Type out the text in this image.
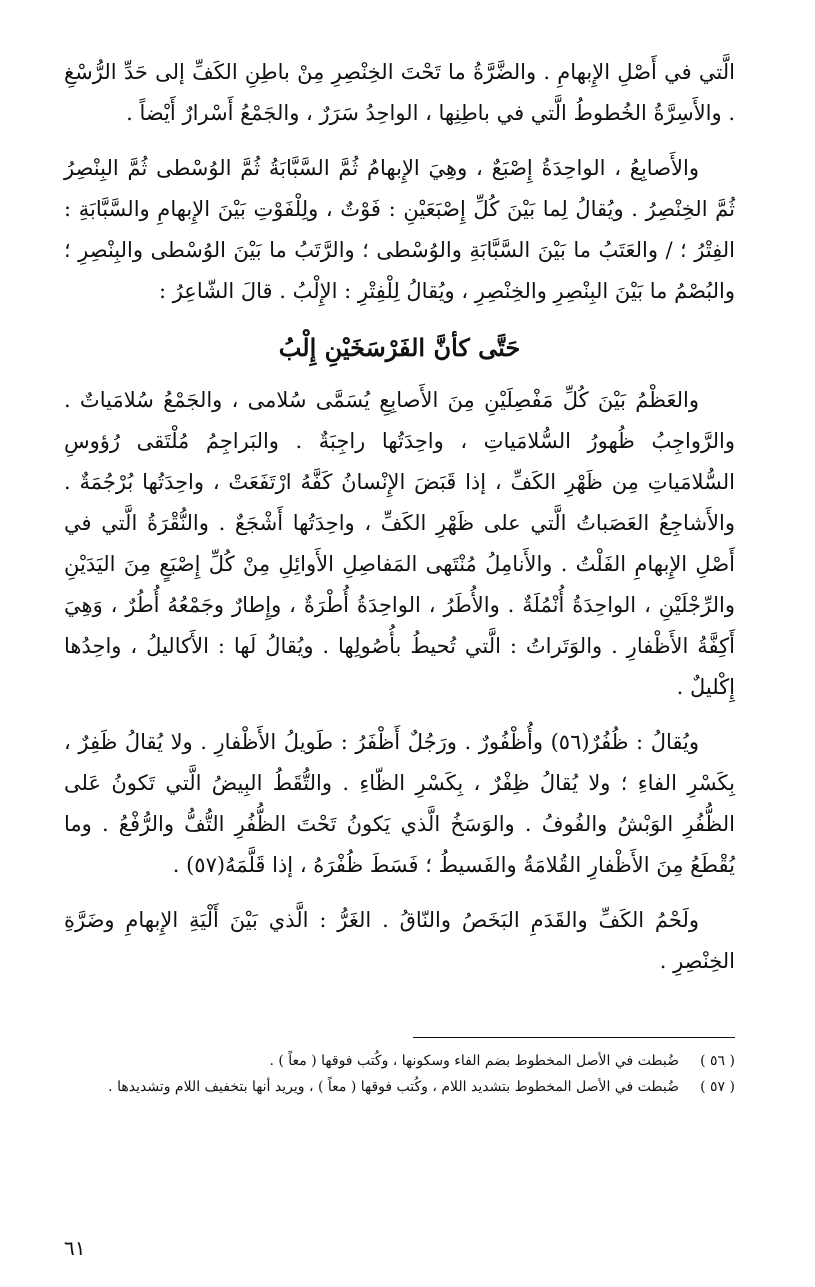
الَّتي في أَصْلِ الإِبهامِ . والضَّرَّةُ ما تَحْتَ الخِنْصِرِ مِنْ باطِنِ الكَفِّ إلى حَدِّ الرُّسْغِ . والأَسِرَّةُ الخُطوطُ الَّتي في باطِنِها ، الواحِدُ سَرَرٌ ، والجَمْعُ أَسْرارٌ أَيْضاً .

والأَصابِعُ ، الواحِدَةُ إِصْبَعٌ ، وهِيَ الإِبهامُ ثُمَّ السَّبَّابَةُ ثُمَّ الوُسْطى ثُمَّ البِنْصِرُ ثُمَّ الخِنْصِرُ . ويُقالُ لِما بَيْنَ كُلِّ إِصْبَعَيْنِ : فَوْتٌ ، ولِلْفَوْتِ بَيْنَ الإِبهامِ والسَّبَّابَةِ : الفِتْرُ ؛ / والعَتَبُ ما بَيْنَ السَّبَّابَةِ والوُسْطى ؛ والرَّتَبُ ما بَيْنَ الوُسْطى والبِنْصِرِ ؛ والبُصْمُ ما بَيْنَ البِنْصِرِ والخِنْصِرِ ، ويُقالُ لِلْفِتْرِ : الإِلْبُ . قالَ الشّاعِرُ :

حَتَّى كأنَّ الفَرْسَخَيْنِ إِلْبُ

والعَظْمُ بَيْنَ كُلِّ مَفْصِلَيْنِ مِنَ الأَصابِعِ يُسَمَّى سُلامى ، والجَمْعُ سُلامَياتٌ . والرَّواجِبُ ظُهورُ السُّلامَياتِ ، واحِدَتُها راجِبَةٌ . والبَراجِمُ مُلْتَقى رُؤوسِ السُّلامَياتِ مِن ظَهْرِ الكَفِّ ، إذا قَبَضَ الإِنْسانُ كَفَّهُ ارْتَفَعَتْ ، واحِدَتُها بُرْجُمَةٌ . والأَشاجِعُ العَصَباتُ الَّتي على ظَهْرِ الكَفِّ ، واحِدَتُها أَشْجَعٌ . والنُّقْرَةُ الَّتي في أَصْلِ الإِبهامِ الفَلْتُ . والأَنامِلُ مُنْتَهى المَفاصِلِ الأَوائِلِ مِنْ كُلِّ إِصْبَعٍ مِنَ اليَدَيْنِ والرِّجْلَيْنِ ، الواحِدَةُ أُنْمُلَةٌ . والأُطَرُ ، الواحِدَةُ أُطْرَةٌ ، وإِطارٌ وجَمْعُهُ أُطُرٌ ، وَهِيَ أَكِفَّةُ الأَظْفارِ . والوَتَراتُ : الَّتي تُحيطُ بأُصُولِها . ويُقالُ لَها : الأَكاليلُ ، واحِدُها إِكْليلٌ .

ويُقالُ : ظُفُرٌ(٥٦) وأُظْفُورٌ . ورَجُلٌ أَظْفَرُ : طَويلُ الأَظْفارِ . ولا يُقالُ ظَفِرٌ ، بِكَسْرِ الفاءِ ؛ ولا يُقالُ ظِفْرٌ ، بِكَسْرِ الظّاءِ . والتُّقَطُ البِيضُ الَّتي تَكونُ عَلى الظُّفُرِ الوَبْشُ والفُوفُ . والوَسَخُ الَّذي يَكونُ تَحْتَ الظُّفُرِ التُّفُّ والرُّفْعُ . وما يُقْطَعُ مِنَ الأَظْفارِ القُلامَةُ والفَسيطُ ؛ فَسَطَ ظُفْرَهُ ، إذا قَلَّمَهُ(٥٧) .

ولَحْمُ الكَفِّ والقَدَمِ البَخَصُ والنّاقُ . الغَرُّ : الَّذي بَيْنَ أَلْيَةِ الإِبهامِ وضَرَّةِ الخِنْصِرِ .

( ٥٦ )
ضُبطت في الأصل المخطوط بضم الفاء وسكونها ، وكُتب فوقها ( معاً ) .
( ٥٧ )
ضُبطت في الأصل المخطوط بتشديد اللام ، وكُتب فوقها ( معاً ) ، ويريد أنها بتخفيف اللام وتشديدها .
٦١
